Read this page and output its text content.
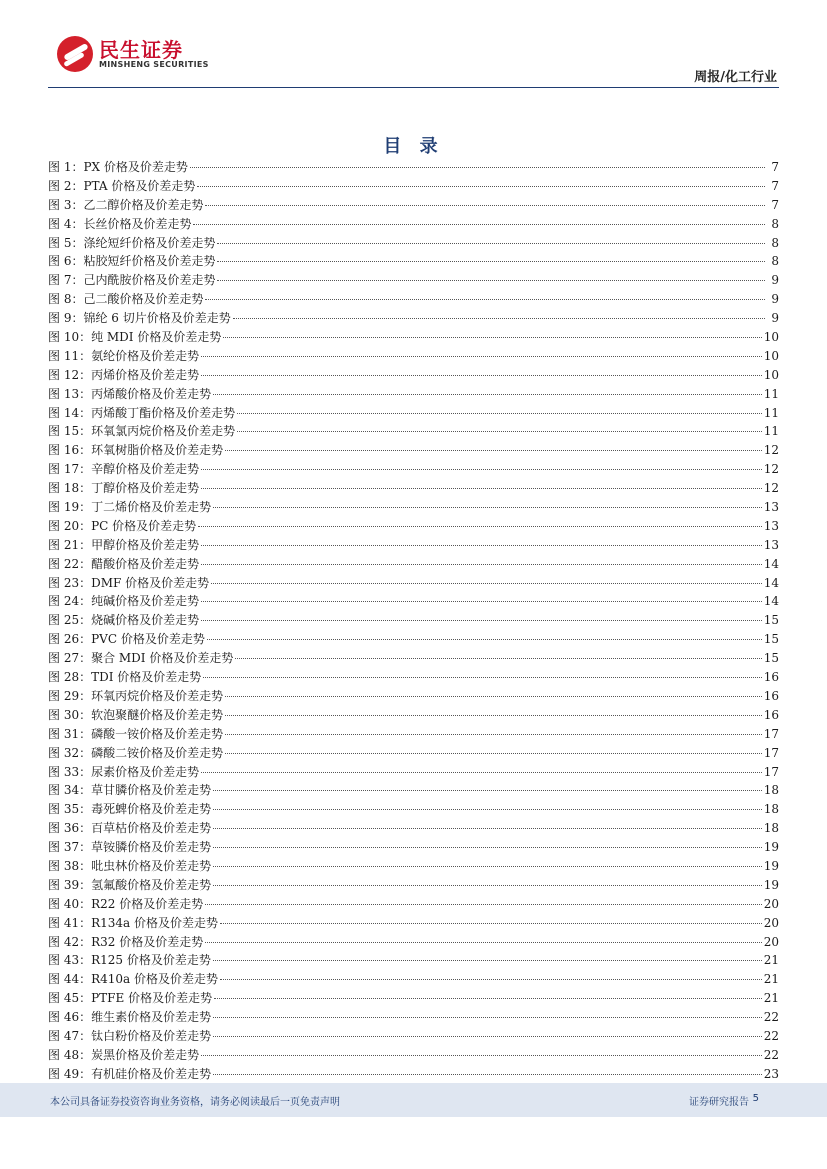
民生证券
MINSHENG SECURITIES
周报/化工行业
目 录
图 1：PX 价格及价差走势	7
图 2：PTA 价格及价差走势	7
图 3：乙二醇价格及价差走势	7
图 4：长丝价格及价差走势	8
图 5：涤纶短纤价格及价差走势	8
图 6：粘胶短纤价格及价差走势	8
图 7：己内酰胺价格及价差走势	9
图 8：己二酸价格及价差走势	9
图 9：锦纶 6 切片价格及价差走势	9
图 10：纯 MDI 价格及价差走势	10
图 11：氨纶价格及价差走势	10
图 12：丙烯价格及价差走势	10
图 13：丙烯酸价格及价差走势	11
图 14：丙烯酸丁酯价格及价差走势	11
图 15：环氧氯丙烷价格及价差走势	11
图 16：环氧树脂价格及价差走势	12
图 17：辛醇价格及价差走势	12
图 18：丁醇价格及价差走势	12
图 19：丁二烯价格及价差走势	13
图 20：PC 价格及价差走势	13
图 21：甲醇价格及价差走势	13
图 22：醋酸价格及价差走势	14
图 23：DMF 价格及价差走势	14
图 24：纯碱价格及价差走势	14
图 25：烧碱价格及价差走势	15
图 26：PVC 价格及价差走势	15
图 27：聚合 MDI 价格及价差走势	15
图 28：TDI 价格及价差走势	16
图 29：环氧丙烷价格及价差走势	16
图 30：软泡聚醚价格及价差走势	16
图 31：磷酸一铵价格及价差走势	17
图 32：磷酸二铵价格及价差走势	17
图 33：尿素价格及价差走势	17
图 34：草甘膦价格及价差走势	18
图 35：毒死蜱价格及价差走势	18
图 36：百草枯价格及价差走势	18
图 37：草铵膦价格及价差走势	19
图 38：吡虫林价格及价差走势	19
图 39：氢氟酸价格及价差走势	19
图 40：R22 价格及价差走势	20
图 41：R134a 价格及价差走势	20
图 42：R32 价格及价差走势	20
图 43：R125 价格及价差走势	21
图 44：R410a 价格及价差走势	21
图 45：PTFE 价格及价差走势	21
图 46：维生素价格及价差走势	22
图 47：钛白粉价格及价差走势	22
图 48：炭黑价格及价差走势	22
图 49：有机硅价格及价差走势	23
本公司具备证券投资咨询业务资格，请务必阅读最后一页免责声明	证券研究报告 5
